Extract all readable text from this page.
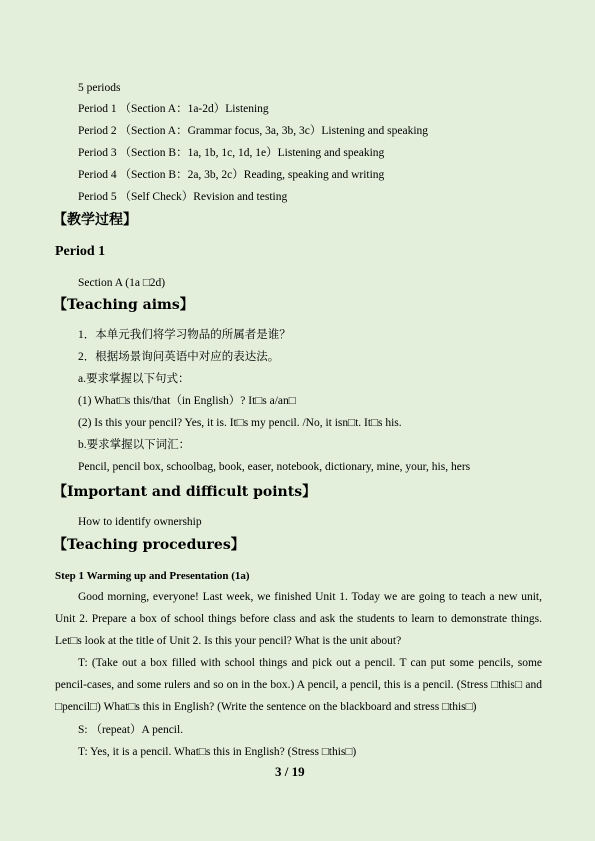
5 periods
Period 1 （Section A：1a-2d）Listening
Period 2 （Section A：Grammar focus, 3a, 3b, 3c）Listening and speaking
Period 3 （Section B：1a, 1b, 1c, 1d, 1e）Listening and speaking
Period 4 （Section B：2a, 3b, 2c）Reading, speaking and writing
Period 5 （Self Check）Revision and testing
【教学过程】
Period 1
Section A (1a □2d)
【Teaching aims】
1．本单元我们将学习物品的所属者是谁？
2．根据场景询问英语中对应的表达法。
a.要求掌握以下句式：
(1) What□s this/that（in English）? It□s a/an□
(2) Is this your pencil? Yes, it is. It□s my pencil. /No, it isn□t. It□s his.
b.要求掌握以下词汇：
Pencil, pencil box, schoolbag, book, easer, notebook, dictionary, mine, your, his, hers
【Important and difficult points】
How to identify ownership
【Teaching procedures】
Step 1 Warming up and Presentation (1a)
Good morning, everyone! Last week, we finished Unit 1. Today we are going to teach a new unit, Unit 2. Prepare a box of school things before class and ask the students to learn to demonstrate things. Let□s look at the title of Unit 2. Is this your pencil? What is the unit about?
T: (Take out a box filled with school things and pick out a pencil. T can put some pencils, some pencil-cases, and some rulers and so on in the box.) A pencil, a pencil, this is a pencil. (Stress □this□ and □pencil□) What□s this in English? (Write the sentence on the blackboard and stress □this□)
S: （repeat）A pencil.
T: Yes, it is a pencil. What□s this in English? (Stress □this□)
3 / 19
